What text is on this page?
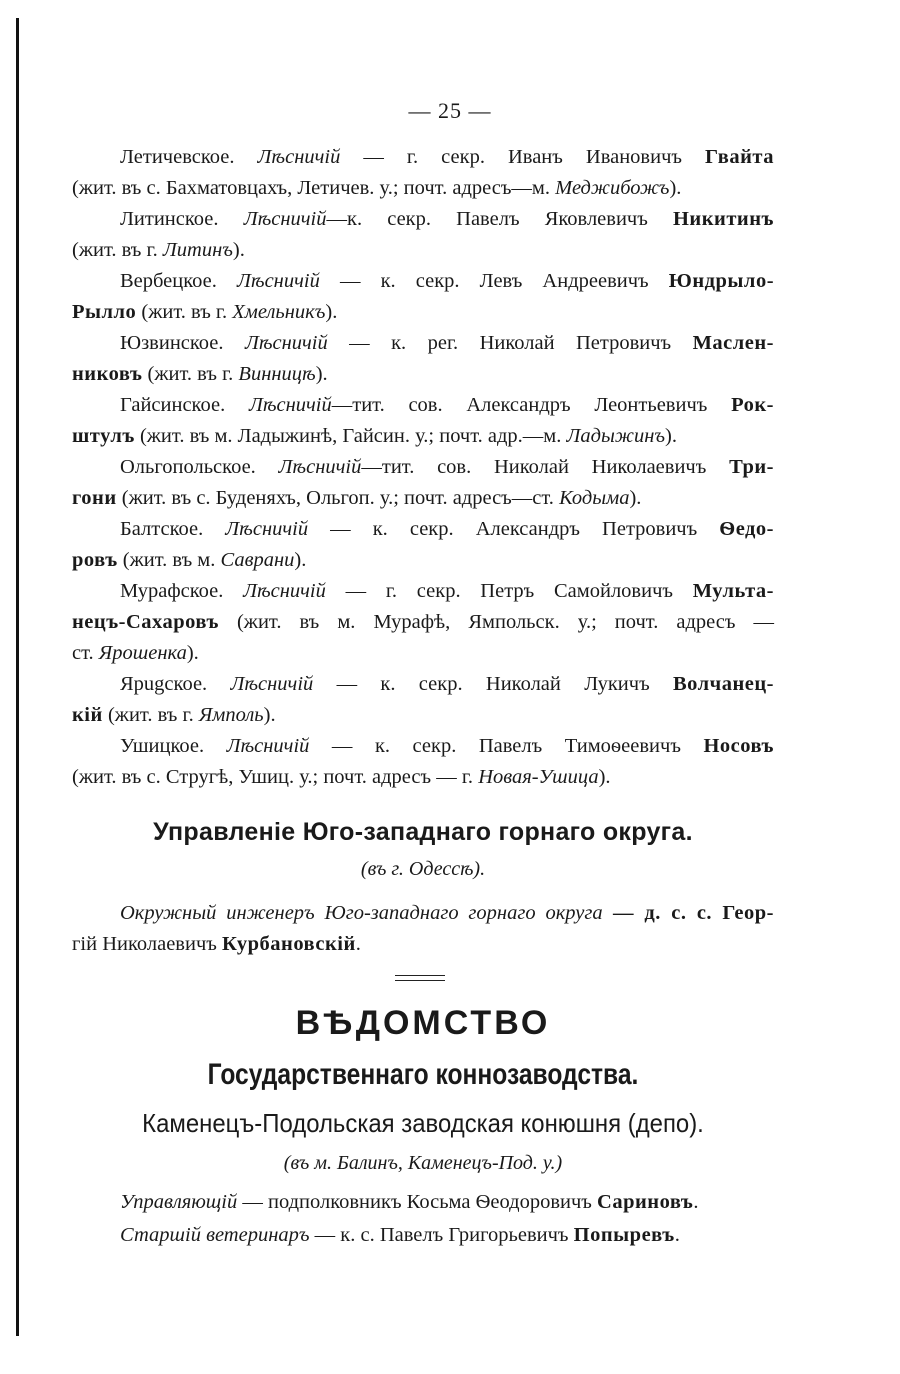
— 25 —

Летичевское. Лѣсничій — г. секр. Иванъ Ивановичъ Гвайта
(жит. въ с. Бахматовцахъ, Летичев. у.; почт. адресъ—м. Меджибожъ).

Литинское. Лѣсничій—к. секр. Павелъ Яковлевичъ Никитинъ
(жит. въ г. Литинъ).

Вербецкое. Лѣсничій — к. секр. Левъ Андреевичъ Юндрыло-
Рылло (жит. въ г. Хмельникъ).

Юзвинское. Лѣсничій — к. рег. Николай Петровичъ Маслен-
никовъ (жит. въ г. Винницѣ).

Гайсинское. Лѣсничій—тит. сов. Александръ Леонтьевичъ Рок-
штулъ (жит. въ м. Ладыжинѣ, Гайсин. у.; почт. адр.—м. Ладыжинъ).

Ольгопольское. Лѣсничій—тит. сов. Николай Николаевичъ Три-
гони (жит. въ с. Буденяхъ, Ольгоп. у.; почт. адресъ—ст. Кодыма).

Балтское. Лѣсничій — к. секр. Александръ Петровичъ Ѳедо-
ровъ (жит. въ м. Саврани).

Мурафское. Лѣсничій — г. секр. Петръ Самойловичъ Мульта-
нецъ-Сахаровъ (жит. въ м. Мурафѣ, Ямпольск. у.; почт. адресъ —
ст. Ярошенка).

Ярugское. Лѣсничій — к. секр. Николай Лукичъ Волчанец-
кій (жит. въ г. Ямполь).

Ушицкое. Лѣсничій — к. секр. Павелъ Тимоѳеевичъ Носовъ
(жит. въ с. Стругѣ, Ушиц. у.; почт. адресъ — г. Новая-Ушица).

Управленіе Юго-западнаго горнаго округа.
(въ г. Одессѣ).
Окружный инженеръ Юго-западнаго горнаго округа — д. с. с. Геор-
гій Николаевичъ Курбановскій.
ВѢДОМСТВО
Государственнаго коннозаводства.
Каменецъ-Подольская заводская конюшня (депо).
(въ м. Балинъ, Каменецъ-Под. у.)
Управляющій — подполковникъ Косьма Ѳеодоровичъ Сариновъ.
Старшій ветеринаръ — к. с. Павелъ Григорьевичъ Попыревъ.
